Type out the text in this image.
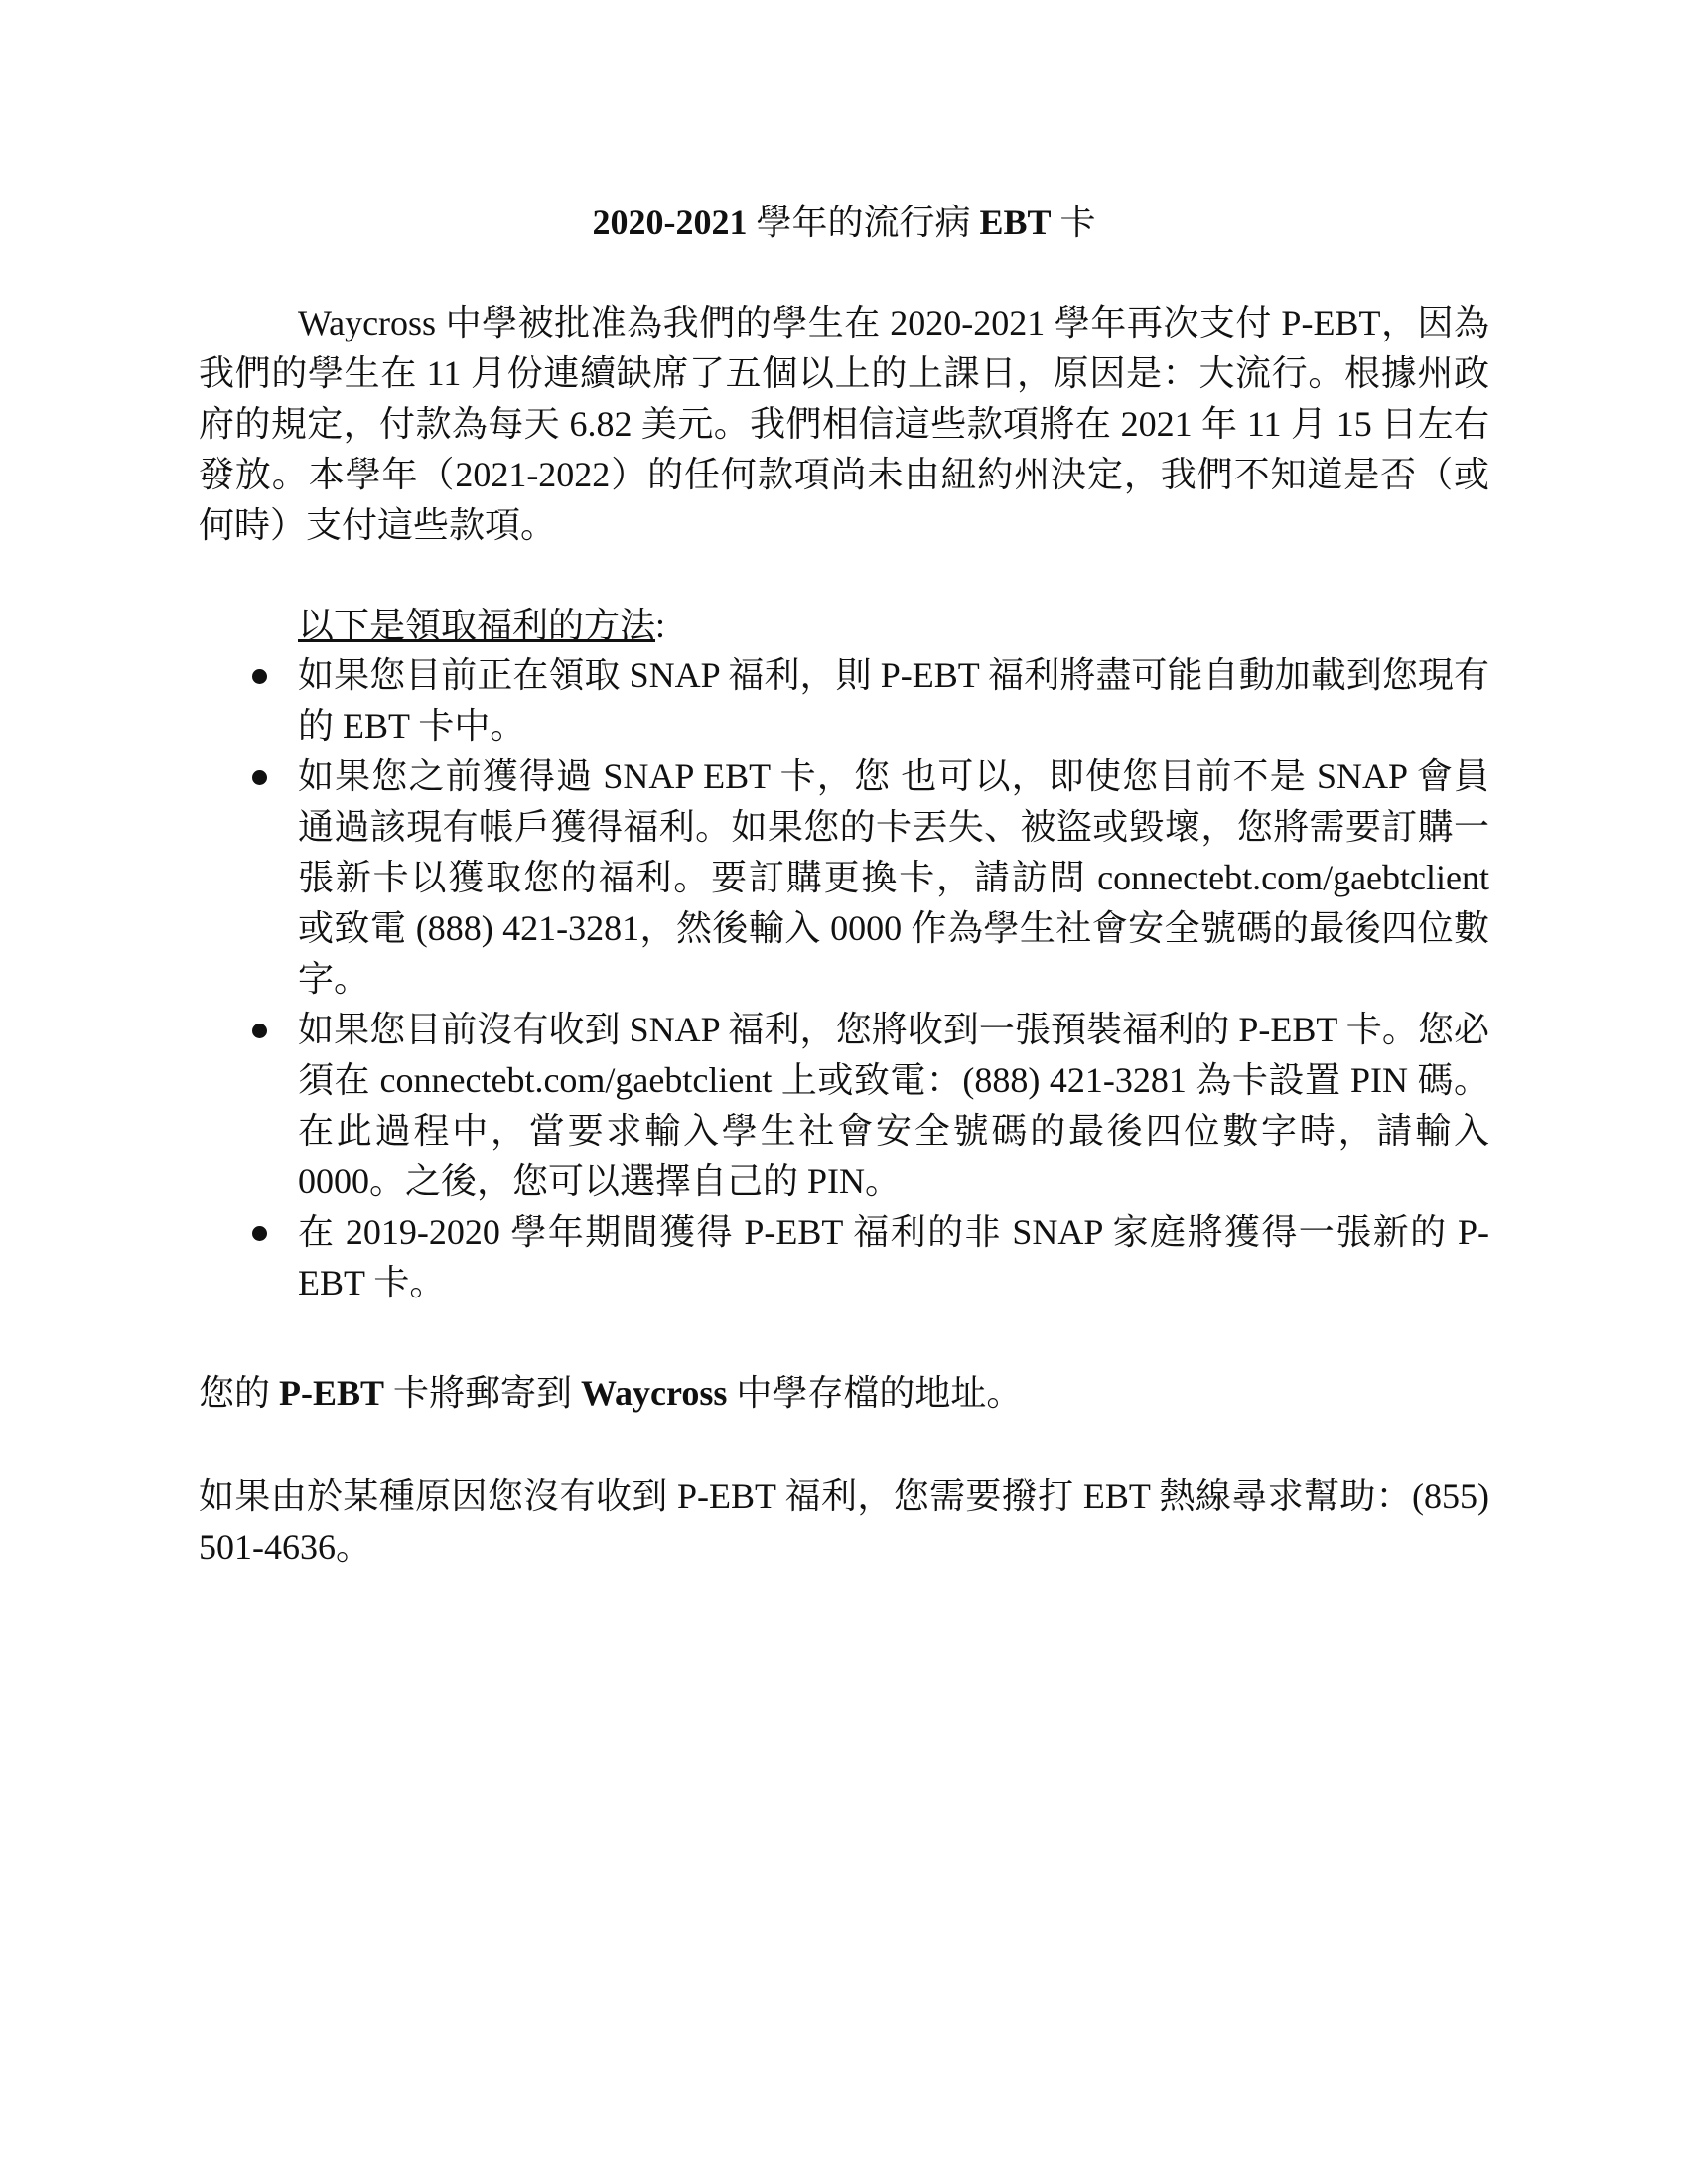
2020-2021 學年的流行病 EBT 卡

Waycross 中學被批准為我們的學生在 2020-2021 學年再次支付 P-EBT，因為我們的學生在 11 月份連續缺席了五個以上的上課日，原因是：大流行。根據州政府的規定，付款為每天 6.82 美元。我們相信這些款項將在 2021 年 11 月 15 日左右發放。本學年（2021-2022）的任何款項尚未由紐約州決定，我們不知道是否（或何時）支付這些款項。

以下是領取福利的方法:
如果您目前正在領取 SNAP 福利，則 P-EBT 福利將盡可能自動加載到您現有的 EBT 卡中。
如果您之前獲得過 SNAP EBT 卡，您 也可以，即使您目前不是 SNAP 會員通過該現有帳戶獲得福利。如果您的卡丟失、被盜或毀壞，您將需要訂購一張新卡以獲取您的福利。要訂購更換卡，請訪問 connectebt.com/gaebtclient 或致電 (888) 421-3281，然後輸入 0000 作為學生社會安全號碼的最後四位數字。
如果您目前沒有收到 SNAP 福利，您將收到一張預裝福利的 P-EBT 卡。您必須在 connectebt.com/gaebtclient 上或致電：(888) 421-3281 為卡設置 PIN 碼。在此過程中，當要求輸入學生社會安全號碼的最後四位數字時，請輸入 0000。之後，您可以選擇自己的 PIN。
在 2019-2020 學年期間獲得 P-EBT 福利的非 SNAP 家庭將獲得一張新的 P-EBT 卡。

您的 P-EBT 卡將郵寄到 Waycross 中學存檔的地址。

如果由於某種原因您沒有收到 P-EBT 福利，您需要撥打 EBT 熱線尋求幫助：(855) 501-4636。
